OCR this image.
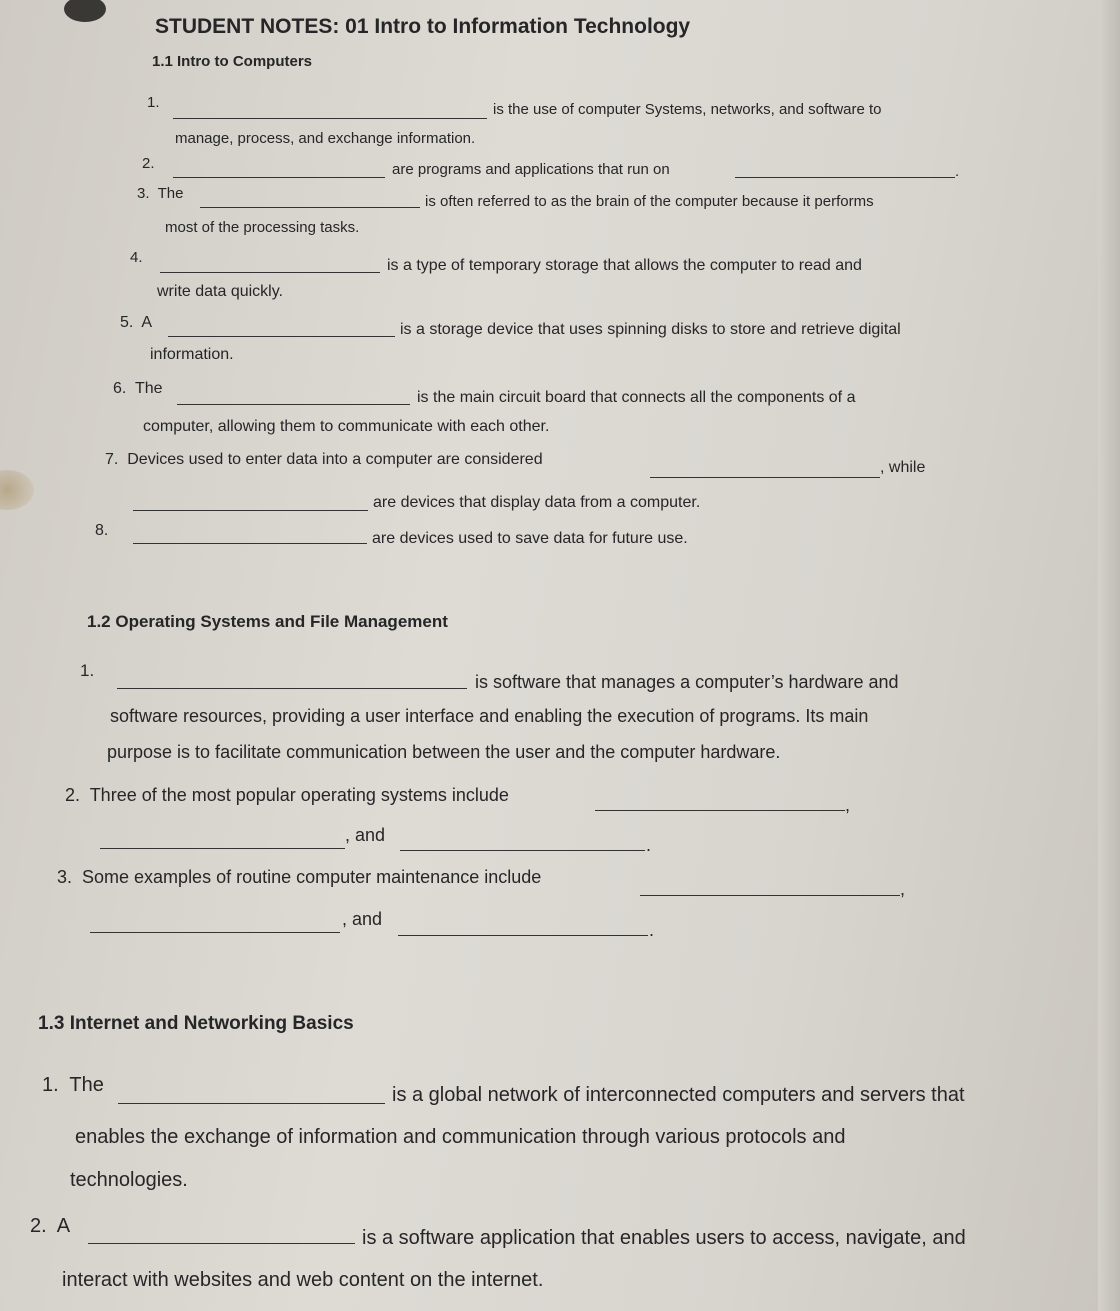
STUDENT NOTES: 01 Intro to Information Technology
1.1 Intro to Computers
1.	is the use of computer Systems, networks, and software to
manage, process, and exchange information.
2.	are programs and applications that run on	.
3.  The	is often referred to as the brain of the computer because it performs
most of the processing tasks.
4.	is a type of temporary storage that allows the computer to read and
write data quickly.
5.  A	is a storage device that uses spinning disks to store and retrieve digital
information.
6.  The
is the main circuit board that connects all the components of a
computer, allowing them to communicate with each other.
7.  Devices used to enter data into a computer are considered	, while
are devices that display data from a computer.
8.	are devices used to save data for future use.
1.2 Operating Systems and File Management
1.
is software that manages a computer’s hardware and
software resources, providing a user interface and enabling the execution of programs. Its main
purpose is to facilitate communication between the user and the computer hardware.
2.  Three of the most popular operating systems include	,
, and	.
3.  Some examples of routine computer maintenance include
,
, and
.
1.3 Internet and Networking Basics
1.  The	is a global network of interconnected computers and servers that
enables the exchange of information and communication through various protocols and
technologies.
2.  A
is a software application that enables users to access, navigate, and
interact with websites and web content on the internet.
